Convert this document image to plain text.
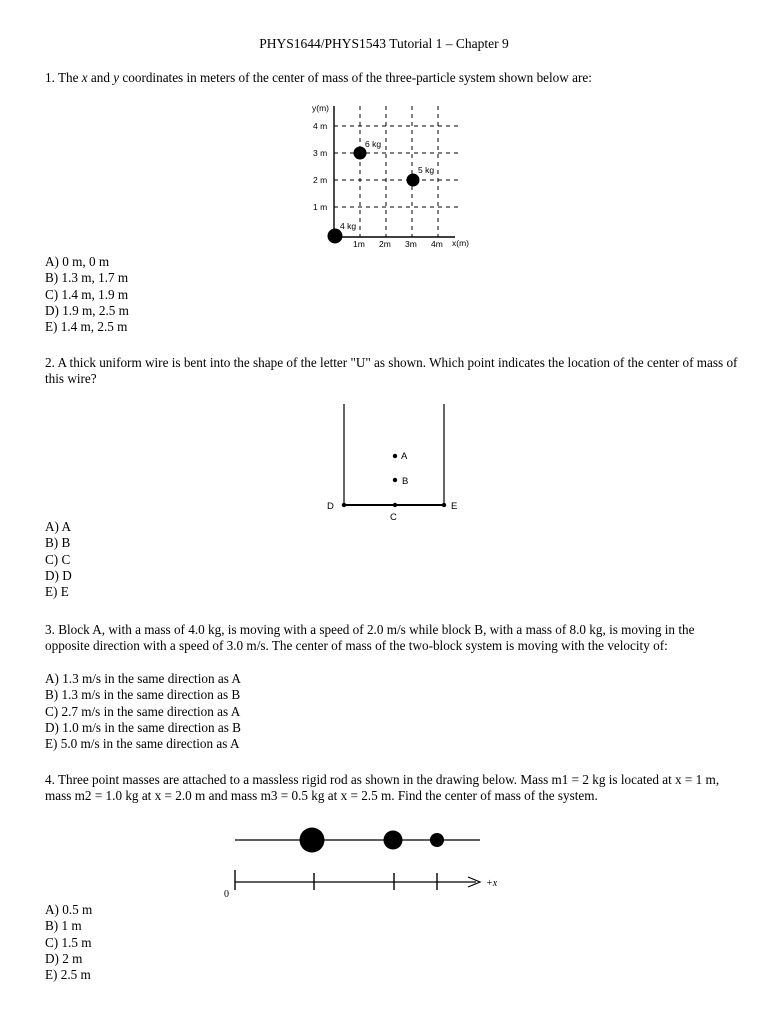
PHYS1644/PHYS1543 Tutorial 1 – Chapter 9
1. The x and y coordinates in meters of the center of mass of the three-particle system shown below are:
y(m)
x(m)
4 m
3 m
2 m
1 m
1m 2m 3m 4m
6 kg
5 kg
4 kg
A) 0 m, 0 m
B) 1.3 m, 1.7 m
C) 1.4 m, 1.9 m
D) 1.9 m, 2.5 m
E) 1.4 m, 2.5 m
2. A thick uniform wire is bent into the shape of the letter "U" as shown. Which point indicates the location of the center of mass of this wire?
A
B
C
D	E
A) A
B) B
C) C
D) D
E) E
3. Block A, with a mass of 4.0 kg, is moving with a speed of 2.0 m/s while block B, with a mass of 8.0 kg, is moving in the opposite direction with a speed of 3.0 m/s. The center of mass of the two-block system is moving with the velocity of:
A) 1.3 m/s in the same direction as A
B) 1.3 m/s in the same direction as B
C) 2.7 m/s in the same direction as A
D) 1.0 m/s in the same direction as B
E) 5.0 m/s in the same direction as A
4. Three point masses are attached to a massless rigid rod as shown in the drawing below. Mass m1 = 2 kg is located at x = 1 m, mass m2 = 1.0 kg at x = 2.0 m and mass m3 = 0.5 kg at x = 2.5 m. Find the center of mass of the system.
0
+x
A) 0.5 m
B) 1 m
C) 1.5 m
D) 2 m
E) 2.5 m
